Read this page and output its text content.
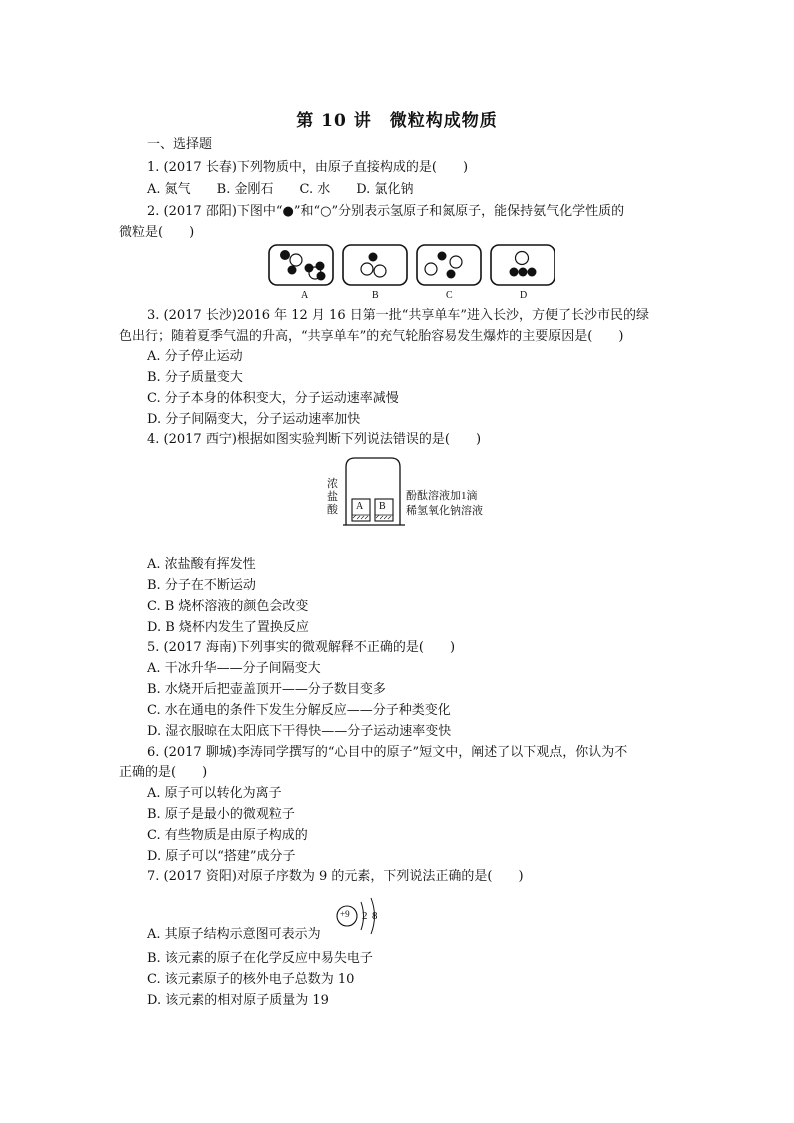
第 10 讲　微粒构成物质
一、选择题
1. (2017 长春)下列物质中，由原子直接构成的是(　　)
A. 氮气　　B. 金刚石　　C. 水　　D. 氯化钠
2. (2017 邵阳)下图中“●”和“○”分别表示氢原子和氮原子，能保持氨气化学性质的
微粒是(　　)
A	B	C	D
3. (2017 长沙)2016 年 12 月 16 日第一批“共享单车”进入长沙，方便了长沙市民的绿
色出行；随着夏季气温的升高，“共享单车”的充气轮胎容易发生爆炸的主要原因是(　　)
A. 分子停止运动
B. 分子质量变大
C. 分子本身的体积变大，分子运动速率减慢
D. 分子间隔变大，分子运动速率加快
4. (2017 西宁)根据如图实验判断下列说法错误的是(　　)
浓
盐
酸 A B
酚酞溶液加1滴
稀氢氧化钠溶液
A. 浓盐酸有挥发性
B. 分子在不断运动
C. B 烧杯溶液的颜色会改变
D. B 烧杯内发生了置换反应
5. (2017 海南)下列事实的微观解释不正确的是(　　)
A. 干冰升华——分子间隔变大
B. 水烧开后把壶盖顶开——分子数目变多
C. 水在通电的条件下发生分解反应——分子种类变化
D. 湿衣服晾在太阳底下干得快——分子运动速率变快
6. (2017 聊城)李涛同学撰写的“心目中的原子”短文中，阐述了以下观点，你认为不
正确的是(　　)
A. 原子可以转化为离子
B. 原子是最小的微观粒子
C. 有些物质是由原子构成的
D. 原子可以“搭建”成分子
7. (2017 资阳)对原子序数为 9 的元素，下列说法正确的是(　　)
A. 其原子结构示意图可表示为
+9 2 8
B. 该元素的原子在化学反应中易失电子
C. 该元素原子的核外电子总数为 10
D. 该元素的相对原子质量为 19
